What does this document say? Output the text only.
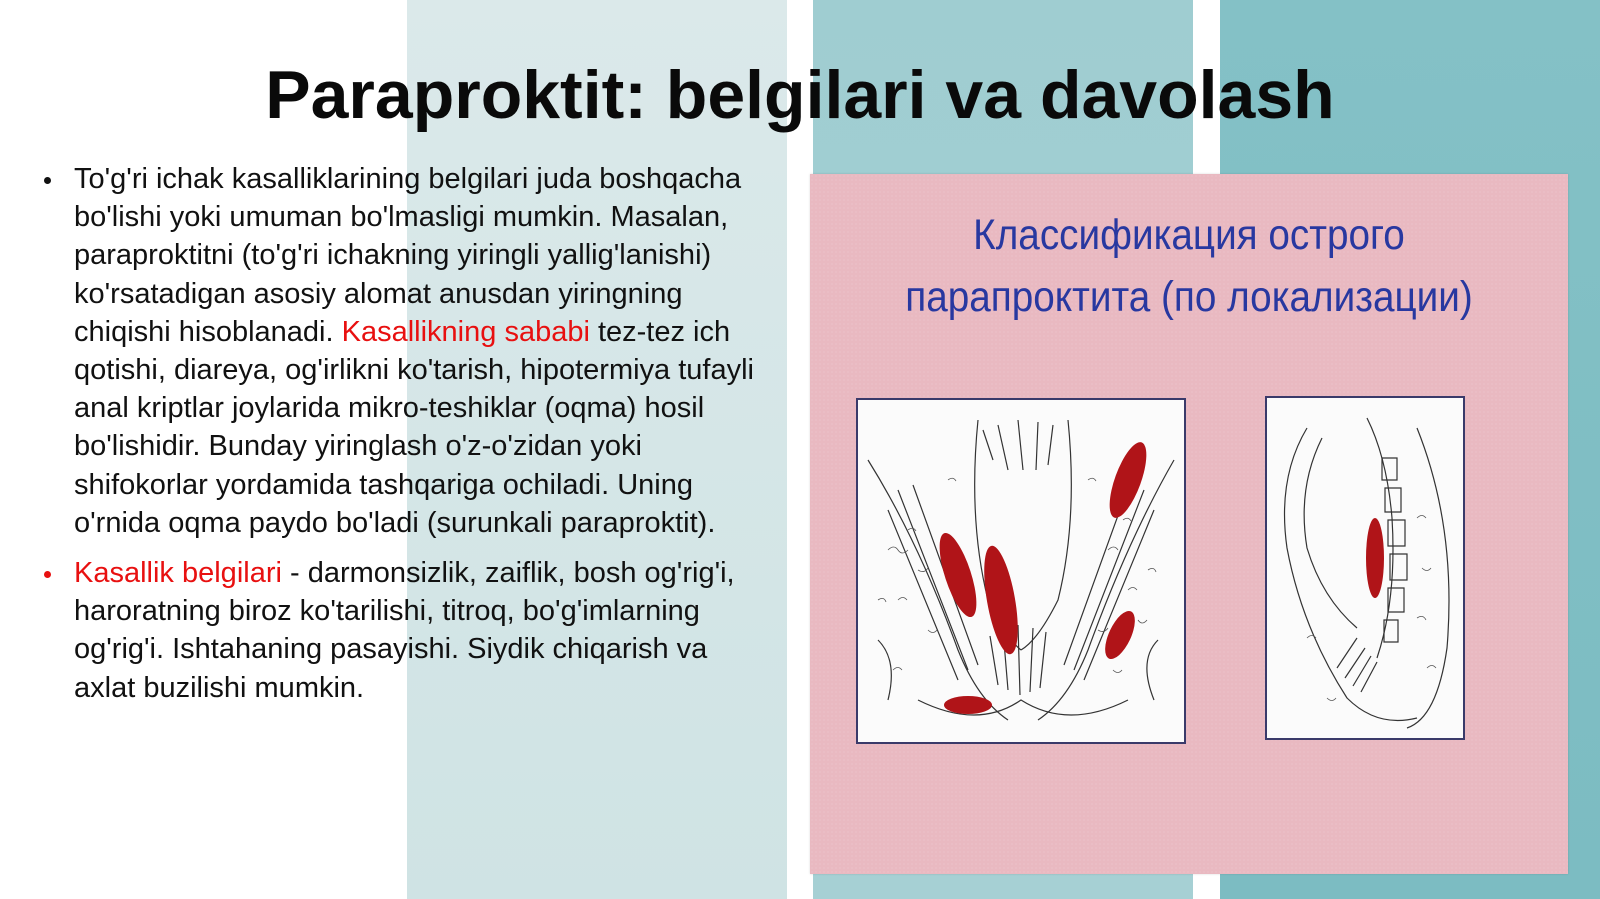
Paraproktit: belgilari va davolash
To'g'ri ichak kasalliklarining belgilari juda boshqacha bo'lishi yoki umuman bo'lmasligi mumkin. Masalan, paraproktitni (to'g'ri ichakning yiringli yallig'lanishi) ko'rsatadigan asosiy alomat anusdan yiringning chiqishi hisoblanadi. Kasallikning sababi tez-tez ich qotishi, diareya, og'irlikni ko'tarish, hipotermiya tufayli anal kriptlar joylarida mikro-teshiklar (oqma) hosil bo'lishidir. Bunday yiringlash o'z-o'zidan yoki shifokorlar yordamida tashqariga ochiladi. Uning o'rnida oqma paydo bo'ladi (surunkali paraproktit).
Kasallik belgilari - darmonsizlik, zaiflik, bosh og'rig'i, haroratning biroz ko'tarilishi, titroq, bo'g'imlarning og'rig'i. Ishtahaning pasayishi. Siydik chiqarish va axlat buzilishi mumkin.
Классификация острого
парапроктита (по локализации)
